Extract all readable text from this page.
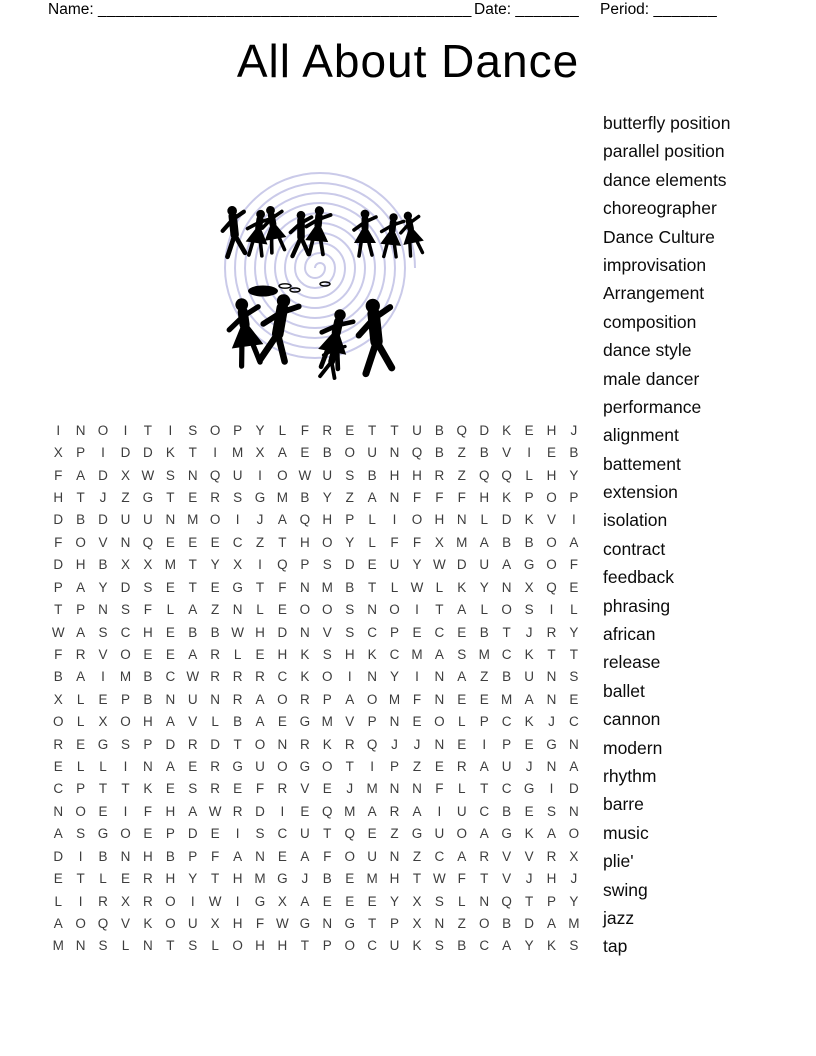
Name: _________________________________________ Date: _______ Period: _______
All About Dance
I	N O	I	T	I	S O P Y	L	F R E	T	T U B Q D K E H	J
X P	I	D D K	T	I	M X A E B O U N Q B	Z	B V	I	E B
F	A D X W S N Q U	I	O W U S B H H R Z Q Q L	H Y
H T	J	Z G T	E R S G M B Y	Z	A N F	F	F H K P O P
D B D U U N M O	I	J	A Q H P	L	I	O H N	L	D K V	I
F O V N Q E E E C Z	T H O Y	L	F	F	X M A B B O A
D H B X X M T	Y X	I	Q P S D E U Y W D U A G O F
P A Y D S E	T	E G T	F N M B	T	L W L	K Y N X Q E
T	P N S	F	L	A	Z N	L	E O O S N O	I	T	A	L O S	I	L
W A S C H E B B W H D N V S C P E C E B	T	J	R Y
F R V O E E A R	L	E H K S H K C M A S M C K	T	T
B A	I	M B C W R R R C K O	I	N Y	I	N A	Z	B U N S
X	L	E P B N U N R A O R P A O M F N E E M A N E
O L	X O H A V	L	B A E G M V P N E O L	P C K	J	C
R E G S P D R D T O N R K R Q	J	J	N E	I	P E G N
E	L	L	I	N A E R G U O G O T	I	P	Z	E R A U	J	N A
C P	T	T	K E S R E	F R V E	J M N N F	L	T C G	I	D
N O E	I	F H A W R D	I	E Q M A R A	I	U C B E S N
A S G O E P D E	I	S C U T Q E	Z G U O A G K A O
D	I	B N H B P	F	A N E A	F O U N Z C A R V V R X
E	T	L	E R H Y	T H M G	J	B E M H T W F	T	V	J	H	J
L	I	R X R O	I	W	I	G X A E E E Y X S	L	N Q T	P Y
A O Q V K O U X H F W G N G T	P X N Z O B D A M
M N S	L	N T	S	L O H H T	P O C U K S B C A Y K S
butterfly position
parallel position
dance elements
choreographer
Dance Culture
improvisation
Arrangement
composition
dance style
male dancer
performance
alignment
battement
extension
isolation
contract
feedback
phrasing
african
release
ballet
cannon
modern
rhythm
barre
music
plie'
swing
jazz
tap
